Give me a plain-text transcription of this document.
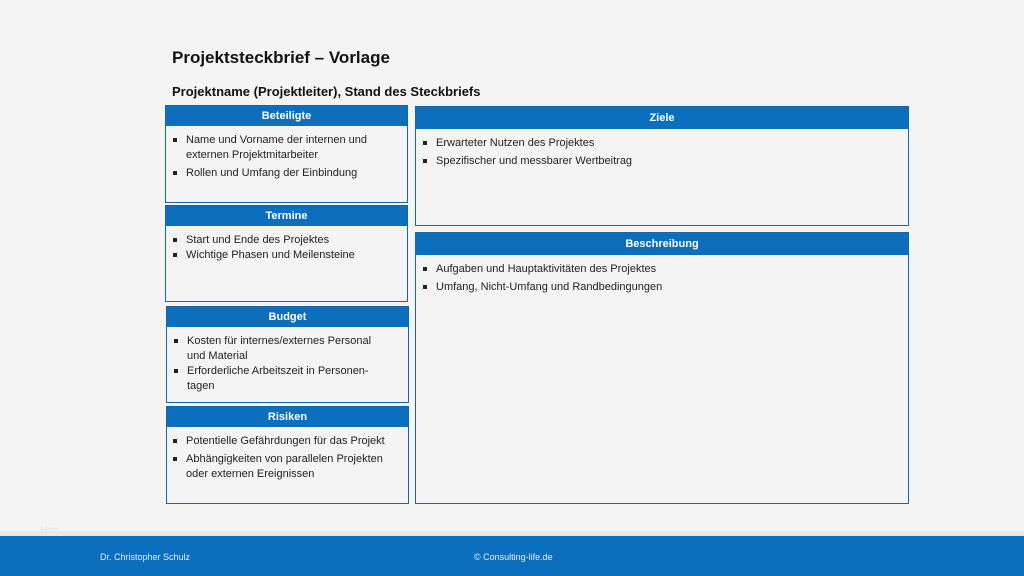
Projektsteckbrief – Vorlage
Projektname (Projektleiter), Stand des Steckbriefs
Beteiligte
Name und Vorname der internen und externen Projektmitarbeiter
Rollen und Umfang der Einbindung
Termine
Start und Ende des Projektes
Wichtige Phasen und Meilensteine
Budget
Kosten für internes/externes Personal und Material
Erforderliche Arbeitszeit in Personen-tagen
Risiken
Potentielle Gefährdungen für das Projekt
Abhängigkeiten von parallelen Projekten oder externen Ereignissen
Ziele
Erwarteter Nutzen des Projektes
Spezifischer und messbarer Wertbeitrag
Beschreibung
Aufgaben und Hauptaktivitäten des Projektes
Umfang, Nicht-Umfang und Randbedingungen
Dr. Christopher Schulz	© Consulting-life.de
